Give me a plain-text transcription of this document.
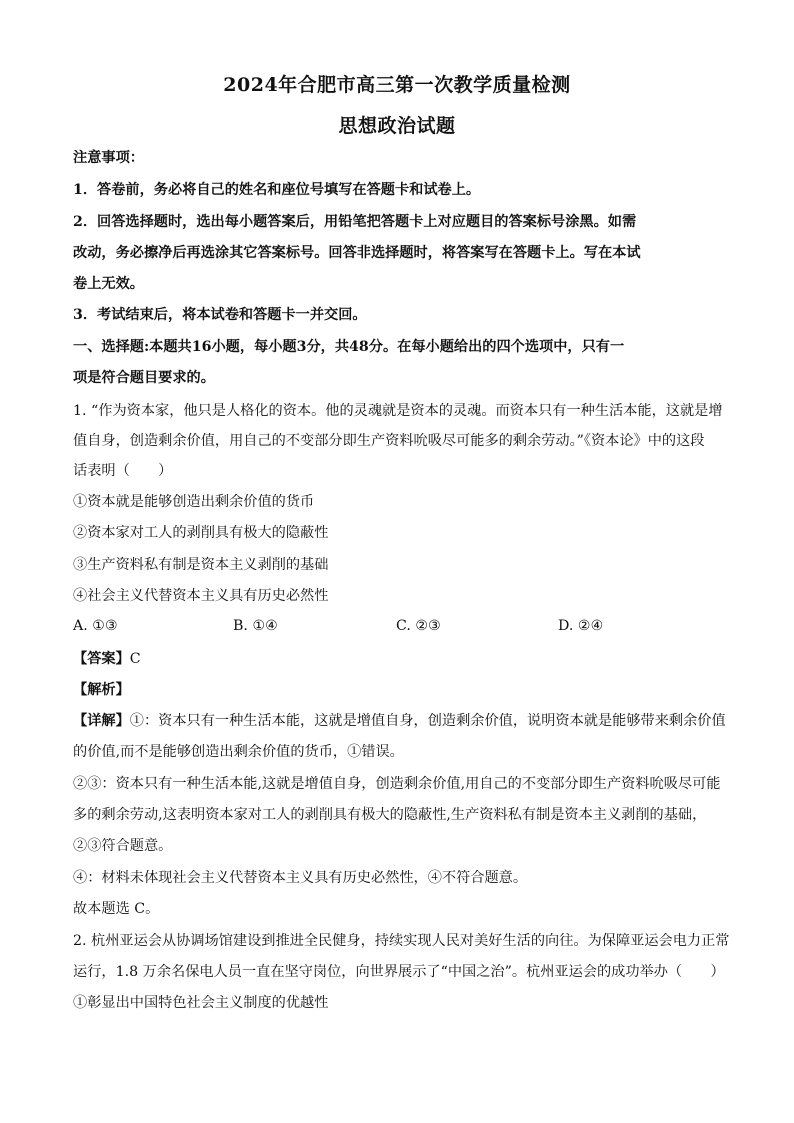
2024年合肥市高三第一次教学质量检测
思想政治试题
注意事项：
1．答卷前，务必将自己的姓名和座位号填写在答题卡和试卷上。
2．回答选择题时，选出每小题答案后，用铅笔把答题卡上对应题目的答案标号涂黑。如需
改动，务必擦净后再选涂其它答案标号。回答非选择题时，将答案写在答题卡上。写在本试
卷上无效。
3．考试结束后，将本试卷和答题卡一并交回。
一、选择题:本题共16小题，每小题3分，共48分。在每小题给出的四个选项中，只有一
项是符合题目要求的。
1. “作为资本家，他只是人格化的资本。他的灵魂就是资本的灵魂。而资本只有一种生活本能，这就是增
值自身，创造剩余价值，用自己的不变部分即生产资料吮吸尽可能多的剩余劳动。”《资本论》中的这段
话表明（　　）
①资本就是能够创造出剩余价值的货币
②资本家对工人的剥削具有极大的隐蔽性
③生产资料私有制是资本主义剥削的基础
④社会主义代替资本主义具有历史必然性
A. ①③	B. ①④	C. ②③	D. ②④
【答案】C
【解析】
【详解】①：资本只有一种生活本能，这就是增值自身，创造剩余价值，说明资本就是能够带来剩余价值
的价值,而不是能够创造出剩余价值的货币，①错误。
②③：资本只有一种生活本能,这就是增值自身，创造剩余价值,用自己的不变部分即生产资料吮吸尽可能
多的剩余劳动,这表明资本家对工人的剥削具有极大的隐蔽性,生产资料私有制是资本主义剥削的基础，
②③符合题意。
④：材料未体现社会主义代替资本主义具有历史必然性，④不符合题意。
故本题选 C。
2. 杭州亚运会从协调场馆建设到推进全民健身，持续实现人民对美好生活的向往。为保障亚运会电力正常
运行，1.8 万余名保电人员一直在坚守岗位，向世界展示了“中国之治”。杭州亚运会的成功举办（　　）
①彰显出中国特色社会主义制度的优越性
